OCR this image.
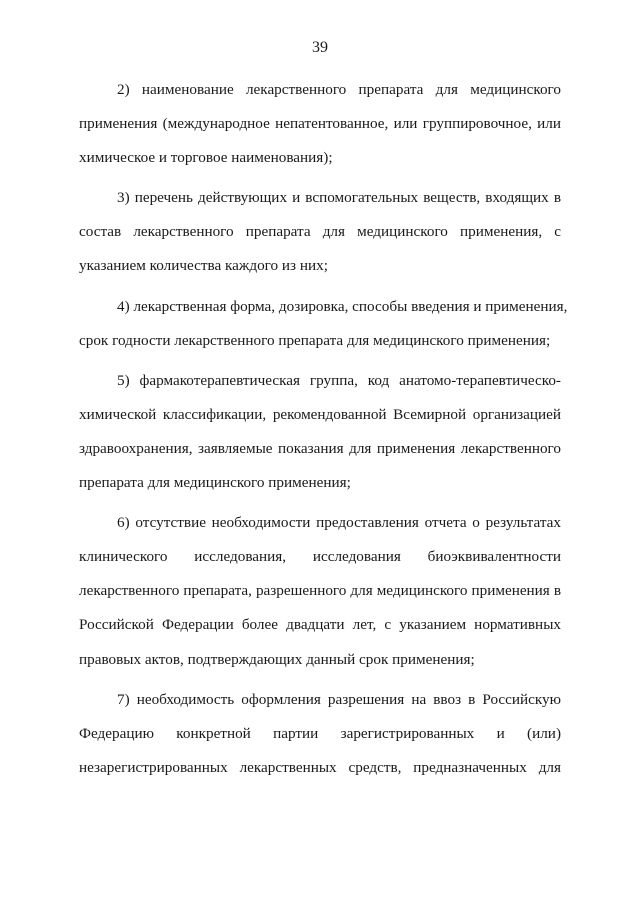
39

2) наименование лекарственного препарата для медицинского
применения (международное непатентованное, или группировочное, или
химическое и торговое наименования);

3) перечень действующих и вспомогательных веществ, входящих в
состав лекарственного препарата для медицинского применения, с
указанием количества каждого из них;

4) лекарственная форма, дозировка, способы введения и применения,
срок годности лекарственного препарата для медицинского применения;

5) фармакотерапевтическая группа, код анатомо-терапевтическо-
химической классификации, рекомендованной Всемирной организацией
здравоохранения, заявляемые показания для применения лекарственного
препарата для медицинского применения;

6) отсутствие необходимости предоставления отчета о результатах
клинического исследования, исследования биоэквивалентности
лекарственного препарата, разрешенного для медицинского применения в
Российской Федерации более двадцати лет, с указанием нормативных
правовых актов, подтверждающих данный срок применения;

7) необходимость оформления разрешения на ввоз в Российскую
Федерацию конкретной партии зарегистрированных и (или)
незарегистрированных лекарственных средств, предназначенных для
